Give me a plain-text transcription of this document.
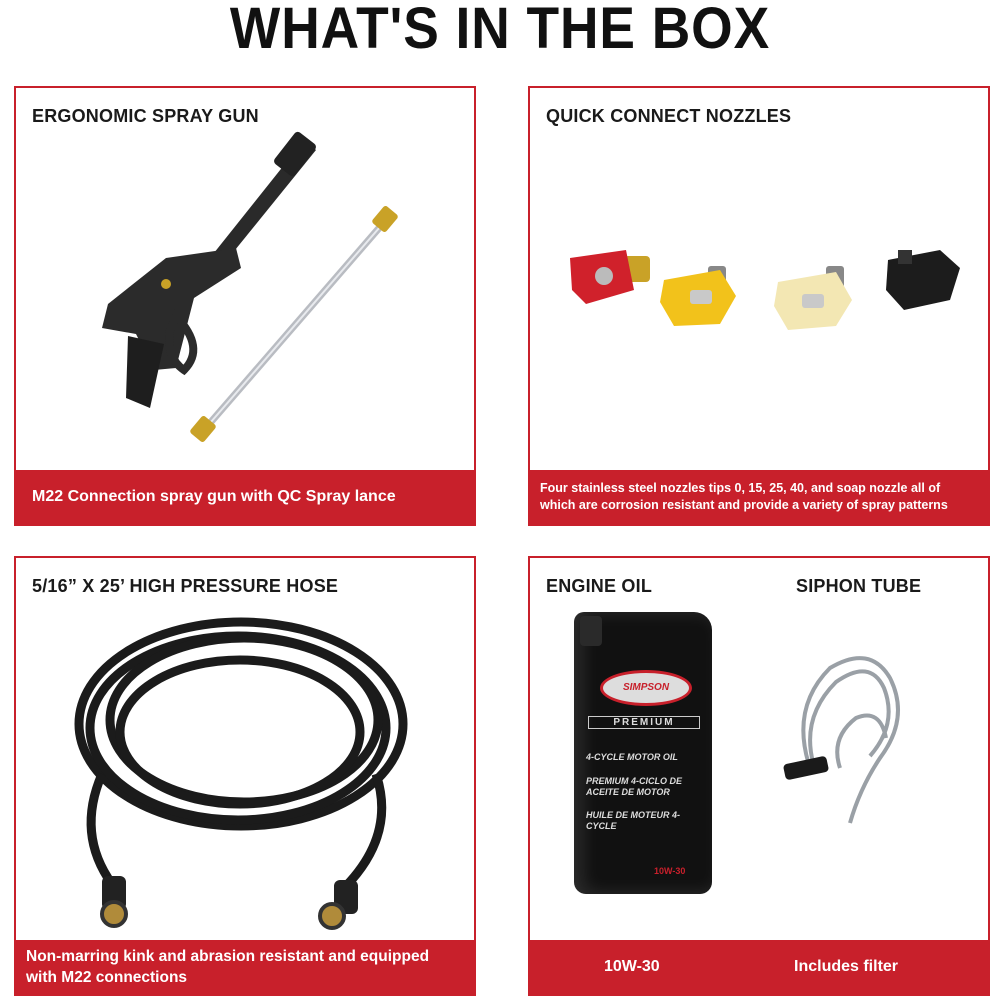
WHAT'S IN THE BOX
ERGONOMIC SPRAY GUN
M22 Connection spray gun with QC Spray lance
QUICK CONNECT NOZZLES
Four stainless steel nozzles tips 0, 15, 25, 40, and soap nozzle all of which are corrosion resistant and provide a variety of spray patterns
5/16” X 25’ HIGH PRESSURE HOSE
Non-marring kink and abrasion resistant and equipped with M22 connections
ENGINE OIL	SIPHON TUBE
SIMPSON
PREMIUM
4-CYCLE MOTOR OIL
PREMIUM 4-CICLO DE ACEITE DE MOTOR
HUILE DE MOTEUR 4-CYCLE
10W-30
10W-30	Includes filter
